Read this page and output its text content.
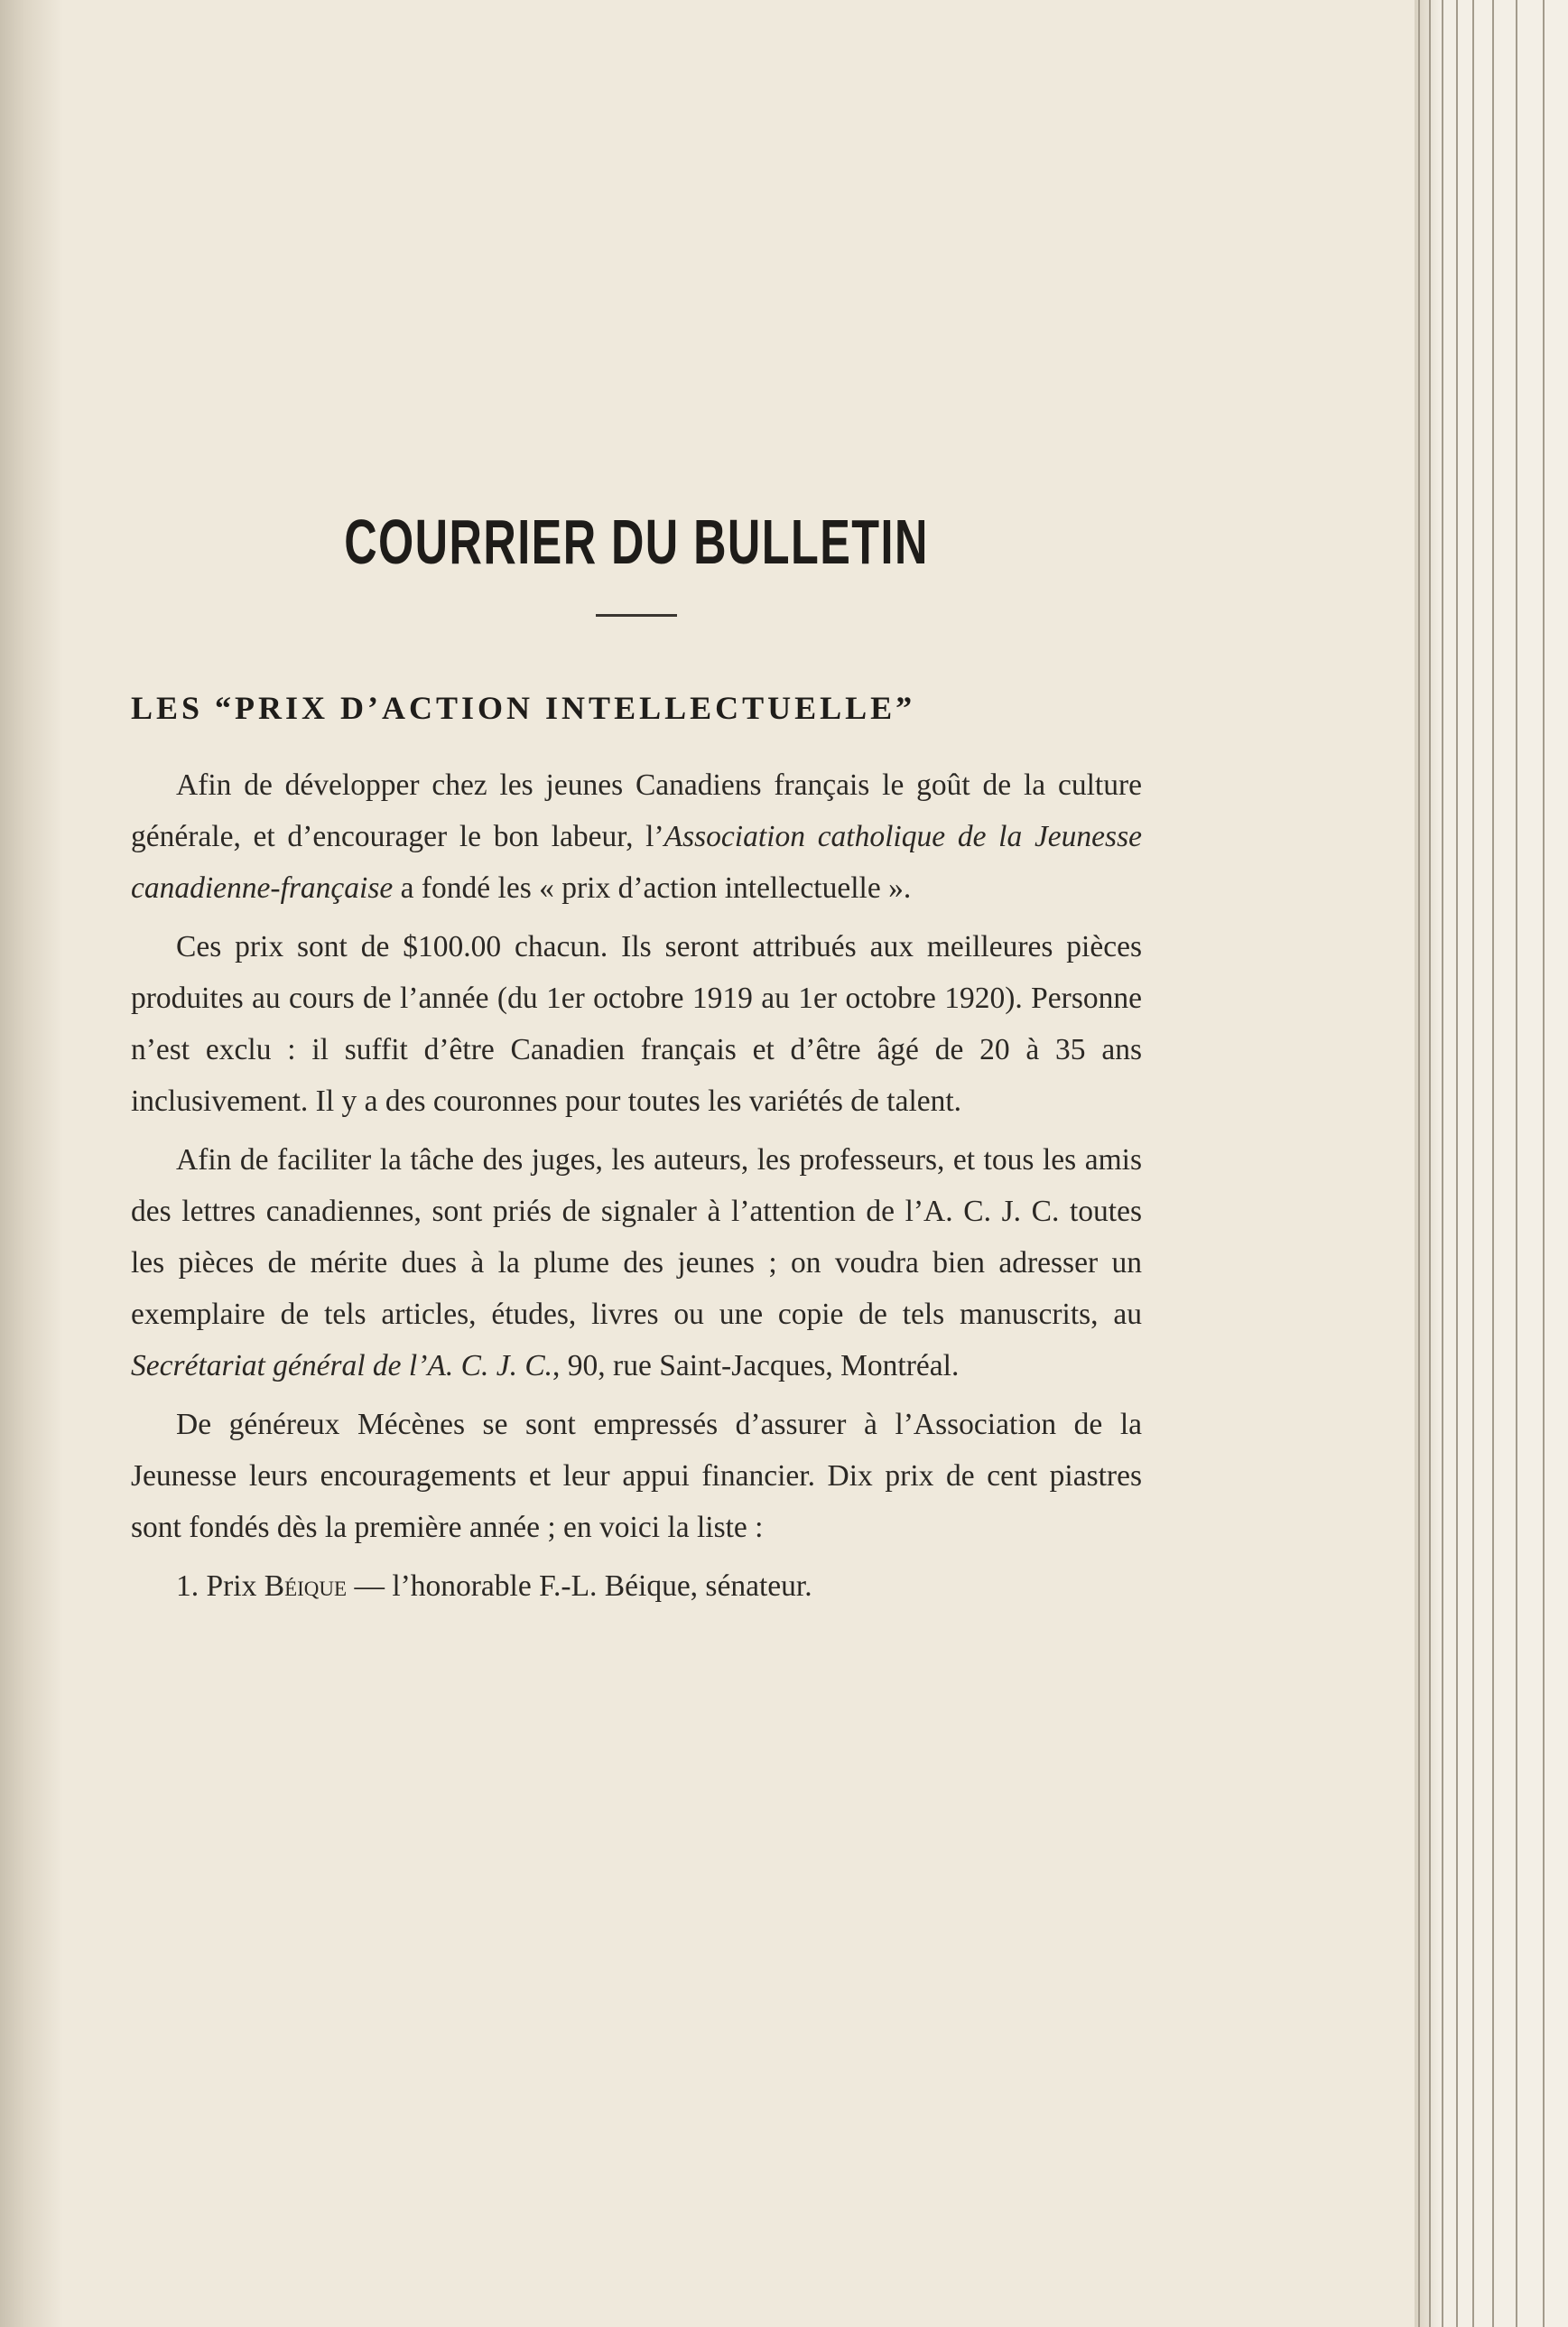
COURRIER DU BULLETIN
LES “PRIX D’ACTION INTELLECTUELLE”

Afin de développer chez les jeunes Canadiens français le goût de la culture générale, et d’encourager le bon labeur, l’Association catholique de la Jeunesse canadienne-française a fondé les « prix d’action intellectuelle ».

Ces prix sont de $100.00 chacun. Ils seront attribués aux meilleures pièces produites au cours de l’année (du 1er octobre 1919 au 1er octobre 1920). Personne n’est exclu : il suffit d’être Canadien français et d’être âgé de 20 à 35 ans inclusivement. Il y a des couronnes pour toutes les variétés de talent.

Afin de faciliter la tâche des juges, les auteurs, les professeurs, et tous les amis des lettres canadiennes, sont priés de signaler à l’attention de l’A. C. J. C. toutes les pièces de mérite dues à la plume des jeunes ; on voudra bien adresser un exemplaire de tels articles, études, livres ou une copie de tels manuscrits, au Secrétariat général de l’A. C. J. C., 90, rue Saint-Jacques, Montréal.

De généreux Mécènes se sont empressés d’assurer à l’Association de la Jeunesse leurs encouragements et leur appui financier. Dix prix de cent piastres sont fondés dès la première année ; en voici la liste :

1. Prix Béique — l’honorable F.-L. Béique, sénateur.
